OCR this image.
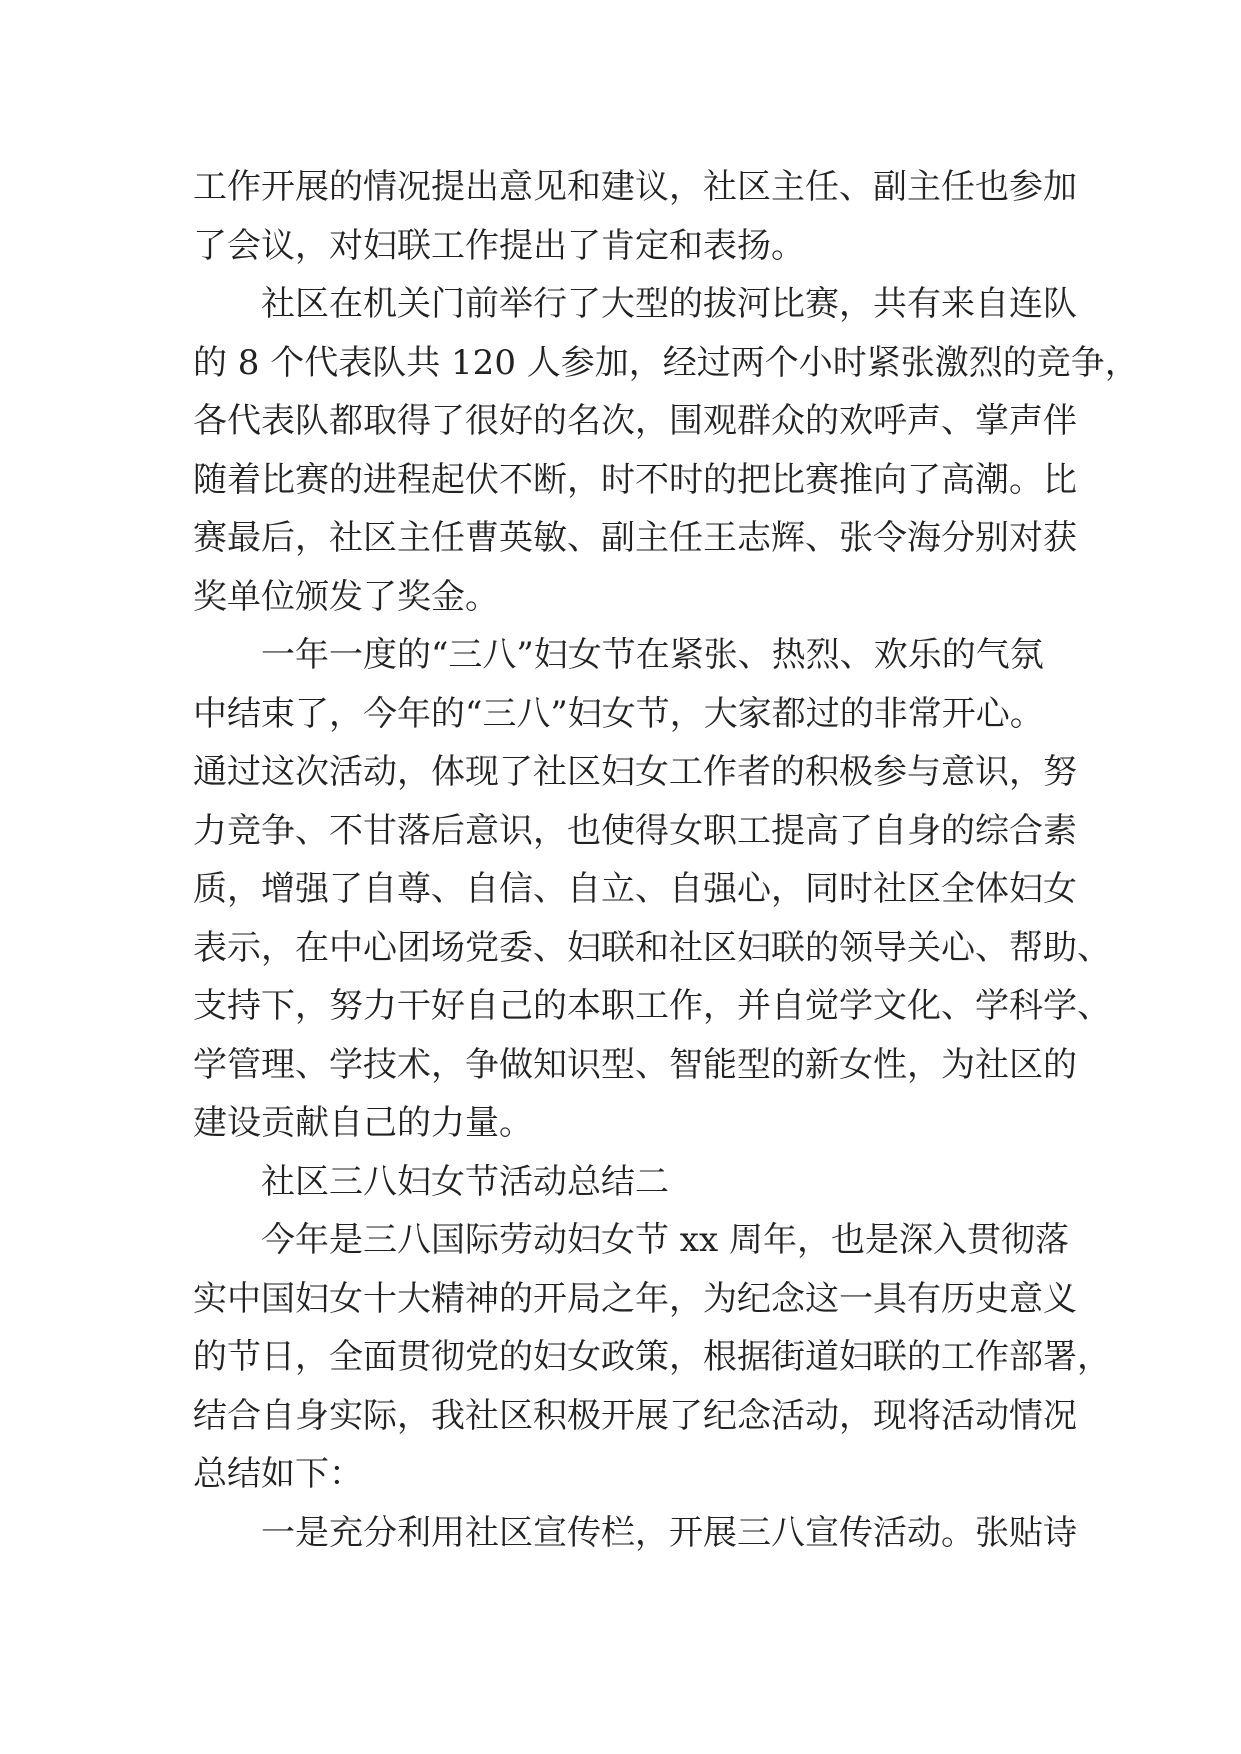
工作开展的情况提出意见和建议，社区主任、副主任也参加
了会议，对妇联工作提出了肯定和表扬。
　　社区在机关门前举行了大型的拔河比赛，共有来自连队
的 8 个代表队共 120 人参加，经过两个小时紧张激烈的竞争，
各代表队都取得了很好的名次，围观群众的欢呼声、掌声伴
随着比赛的进程起伏不断，时不时的把比赛推向了高潮。比
赛最后，社区主任曹英敏、副主任王志辉、张令海分别对获
奖单位颁发了奖金。
　　一年一度的“三八”妇女节在紧张、热烈、欢乐的气氛
中结束了，今年的“三八”妇女节，大家都过的非常开心。
通过这次活动，体现了社区妇女工作者的积极参与意识，努
力竞争、不甘落后意识，也使得女职工提高了自身的综合素
质，增强了自尊、自信、自立、自强心，同时社区全体妇女
表示，在中心团场党委、妇联和社区妇联的领导关心、帮助、
支持下，努力干好自己的本职工作，并自觉学文化、学科学、
学管理、学技术，争做知识型、智能型的新女性，为社区的
建设贡献自己的力量。
　　社区三八妇女节活动总结二
　　今年是三八国际劳动妇女节 xx 周年，也是深入贯彻落
实中国妇女十大精神的开局之年，为纪念这一具有历史意义
的节日，全面贯彻党的妇女政策，根据街道妇联的工作部署，
结合自身实际，我社区积极开展了纪念活动，现将活动情况
总结如下：
　　一是充分利用社区宣传栏，开展三八宣传活动。张贴诗
